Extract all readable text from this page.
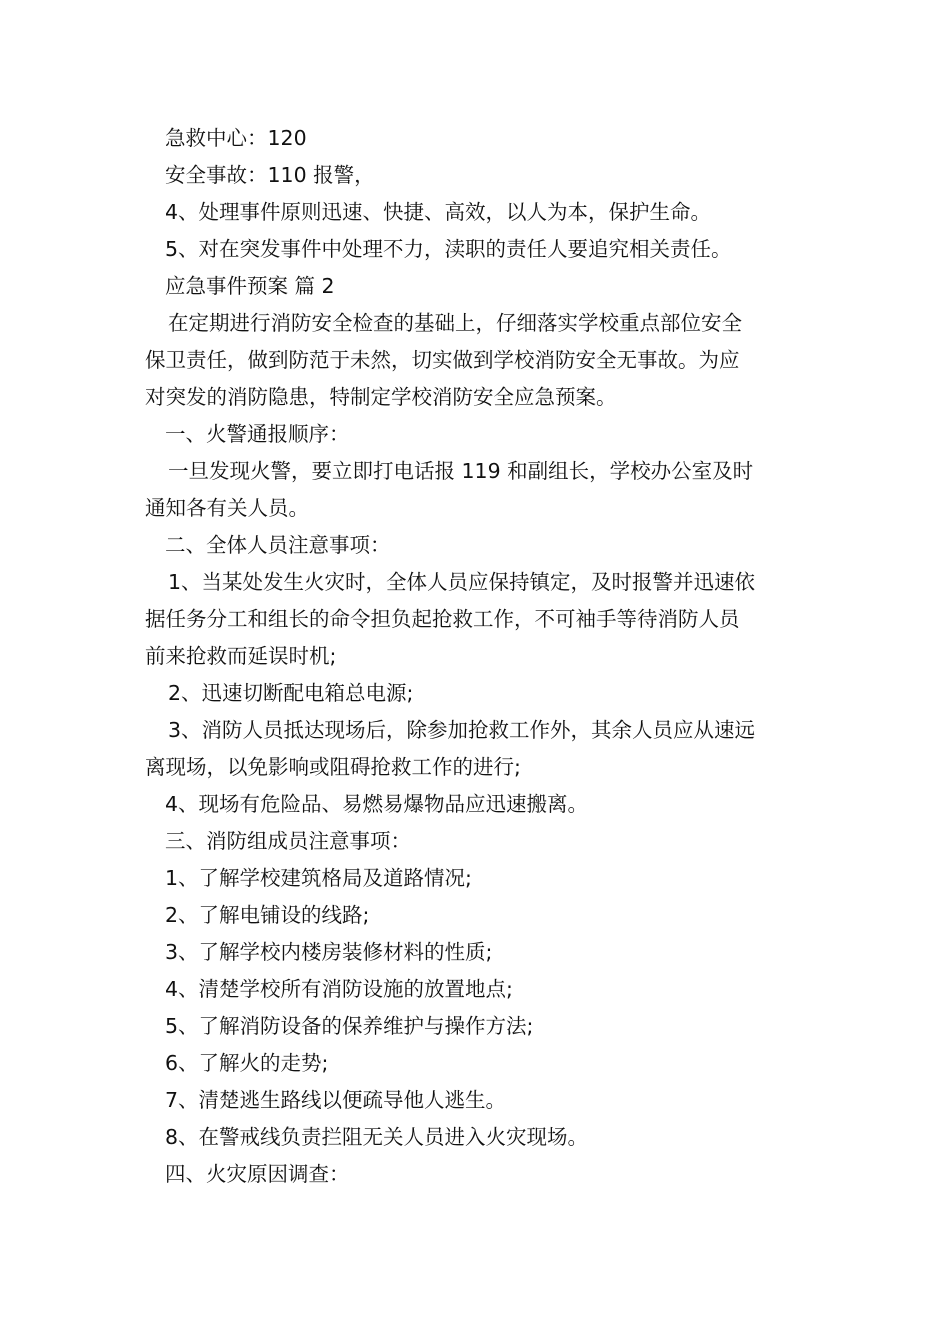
急救中心：120
安全事故：110 报警，
4、处理事件原则迅速、快捷、高效，以人为本，保护生命。
5、对在突发事件中处理不力，渎职的责任人要追究相关责任。
应急事件预案 篇 2
在定期进行消防安全检查的基础上，仔细落实学校重点部位安全
保卫责任，做到防范于未然，切实做到学校消防安全无事故。为应
对突发的消防隐患，特制定学校消防安全应急预案。
一、火警通报顺序：
一旦发现火警，要立即打电话报 119 和副组长，学校办公室及时
通知各有关人员。
二、全体人员注意事项：
1、当某处发生火灾时，全体人员应保持镇定，及时报警并迅速依
据任务分工和组长的命令担负起抢救工作，不可袖手等待消防人员
前来抢救而延误时机;
2、迅速切断配电箱总电源;
3、消防人员抵达现场后，除参加抢救工作外，其余人员应从速远
离现场，以免影响或阻碍抢救工作的进行;
4、现场有危险品、易燃易爆物品应迅速搬离。
三、消防组成员注意事项：
1、了解学校建筑格局及道路情况;
2、了解电铺设的线路;
3、了解学校内楼房装修材料的性质;
4、清楚学校所有消防设施的放置地点;
5、了解消防设备的保养维护与操作方法;
6、了解火的走势;
7、清楚逃生路线以便疏导他人逃生。
8、在警戒线负责拦阻无关人员进入火灾现场。
四、火灾原因调查：
